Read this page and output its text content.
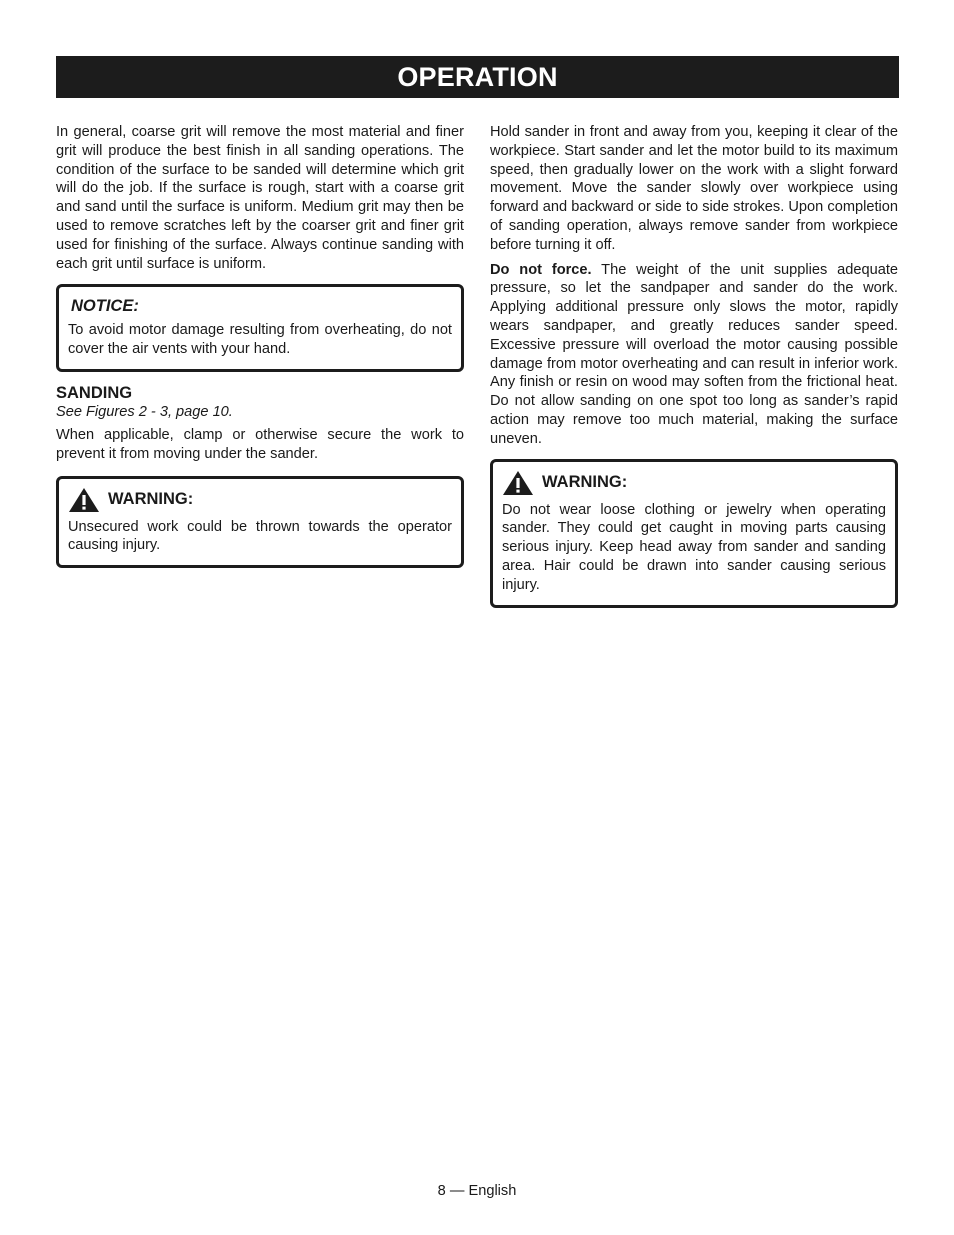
OPERATION

In general, coarse grit will remove the most material and finer grit will produce the best finish in all sanding operations. The condition of the surface to be sanded will determine which grit will do the job. If the surface is rough, start with a coarse grit and sand until the surface is uniform. Medium grit may then be used to remove scratches left by the coarser grit and finer grit used for finishing of the surface. Always continue sanding with each grit until surface is uniform.

NOTICE:

To avoid motor damage resulting from overheating, do not cover the air vents with your hand.

SANDING
See Figures 2 - 3, page 10.

When applicable, clamp or otherwise secure the work to prevent it from moving under the sander.

WARNING:

Unsecured work could be thrown towards the operator causing injury.

Hold sander in front and away from you, keeping it clear of the workpiece. Start sander and let the motor build to its maximum speed, then gradually lower on the work with a slight forward movement. Move the sander slowly over workpiece using forward and backward or side to side strokes. Upon completion of sanding operation, always remove sander from workpiece before turning it off.

Do not force. The weight of the unit supplies adequate pressure, so let the sandpaper and sander do the work. Applying additional pressure only slows the motor, rapidly wears sandpaper, and greatly reduces sander speed. Excessive pressure will overload the motor causing possible damage from motor overheating and can result in inferior work. Any finish or resin on wood may soften from the frictional heat. Do not allow sanding on one spot too long as sander’s rapid action may remove too much material, making the surface uneven.

WARNING:

Do not wear loose clothing or jewelry when operating sander. They could get caught in moving parts causing serious injury. Keep head away from sander and sanding area. Hair could be drawn into sander causing serious injury.

8 — English
